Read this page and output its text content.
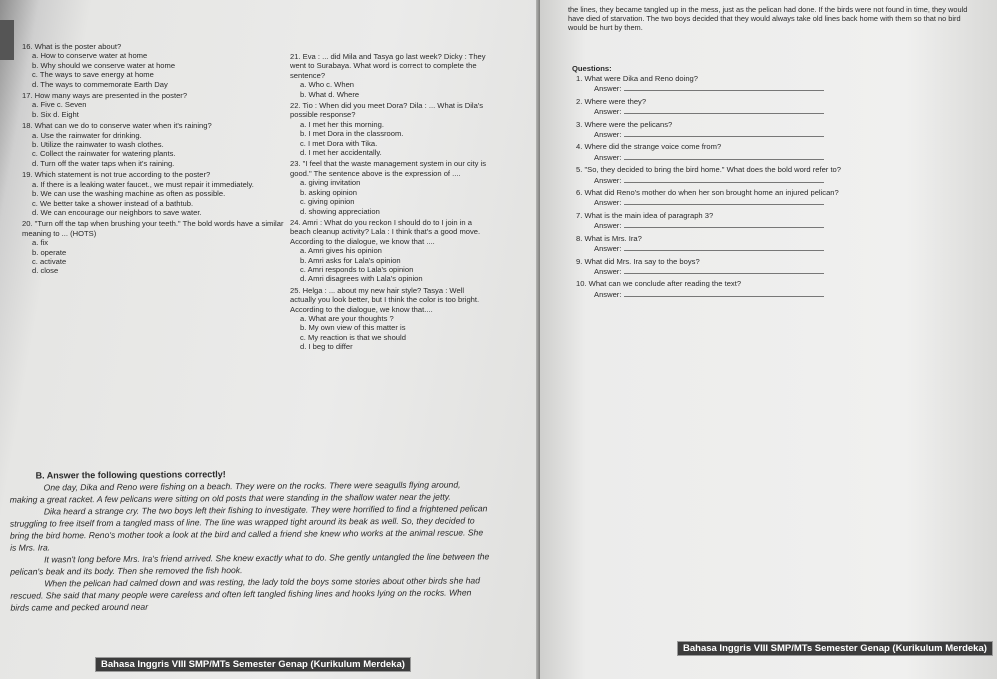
16. What is the poster about?
a. How to conserve water at home
b. Why should we conserve water at home
c. The ways to save energy at home
d. The ways to commemorate Earth Day
17. How many ways are presented in the poster?
a. Five c. Seven
b. Six d. Eight
18. What can we do to conserve water when it's raining?
a. Use the rainwater for drinking.
b. Utilize the rainwater to wash clothes.
c. Collect the rainwater for watering plants.
d. Turn off the water taps when it's raining.
19. Which statement is not true according to the poster?
a. If there is a leaking water faucet., we must repair it immediately.
b. We can use the washing machine as often as possible.
c. We better take a shower instead of a bathtub.
d. We can encourage our neighbors to save water.
20. "Turn off the tap when brushing your teeth." The bold words have a similar meaning to ... (HOTS)
a. fix
b. operate
c. activate
d. close
21. Eva : ... did Mila and Tasya go last week? Dicky : They went to Surabaya. What word is correct to complete the sentence?
a. Who c. When
b. What d. Where
22. Tio : When did you meet Dora? Dila : ... What is Dila's possible response?
a. I met her this morning.
b. I met Dora in the classroom.
c. I met Dora with Tika.
d. I met her accidentally.
23. "I feel that the waste management system in our city is good." The sentence above is the expression of ....
a. giving invitation
b. asking opinion
c. giving opinion
d. showing appreciation
24. Amri : What do you reckon I should do to I join in a beach cleanup activity? Lala : I think that's a good move. According to the dialogue, we know that ....
a. Amri gives his opinion
b. Amri asks for Lala's opinion
c. Amri responds to Lala's opinion
d. Amri disagrees with Lala's opinion
25. Helga : ... about my new hair style? Tasya : Well actually you look better, but I think the color is too bright. According to the dialogue, we know that....
a. What are your thoughts ?
b. My own view of this matter is
c. My reaction is that we should
d. I beg to differ
B. Answer the following questions correctly!

One day, Dika and Reno were fishing on a beach. They were on the rocks. There were seagulls flying around, making a great racket. A few pelicans were sitting on old posts that were standing in the shallow water near the jetty.

Dika heard a strange cry. The two boys left their fishing to investigate. They were horrified to find a frightened pelican struggling to free itself from a tangled mass of line. The line was wrapped tight around its beak as well. So, they decided to bring the bird home. Reno's mother took a look at the bird and called a friend she knew who works at the animal rescue. She is Mrs. Ira.

It wasn't long before Mrs. Ira's friend arrived. She knew exactly what to do. She gently untangled the line between the pelican's beak and its body. Then she removed the fish hook.

When the pelican had calmed down and was resting, the lady told the boys some stories about other birds she had rescued. She said that many people were careless and often left tangled fishing lines and hooks lying on the rocks. When birds came and pecked around near

Bahasa Inggris VIII SMP/MTs Semester Genap (Kurikulum Merdeka)
the lines, they became tangled up in the mess, just as the pelican had done. If the birds were not found in time, they would have died of starvation. The two boys decided that they would always take old lines back home with them so that no bird would be hurt by them.
Questions:
1. What were Dika and Reno doing?
Answer:
2. Where were they?
Answer:
3. Where were the pelicans?
Answer:
4. Where did the strange voice come from?
Answer:
5. "So, they decided to bring the bird home." What does the bold word refer to?
Answer:
6. What did Reno's mother do when her son brought home an injured pelican?
Answer:
7. What is the main idea of paragraph 3?
Answer:
8. What is Mrs. Ira?
Answer:
9. What did Mrs. Ira say to the boys?
Answer:
10. What can we conclude after reading the text?
Answer:
Bahasa Inggris VIII SMP/MTs Semester Genap (Kurikulum Merdeka)
